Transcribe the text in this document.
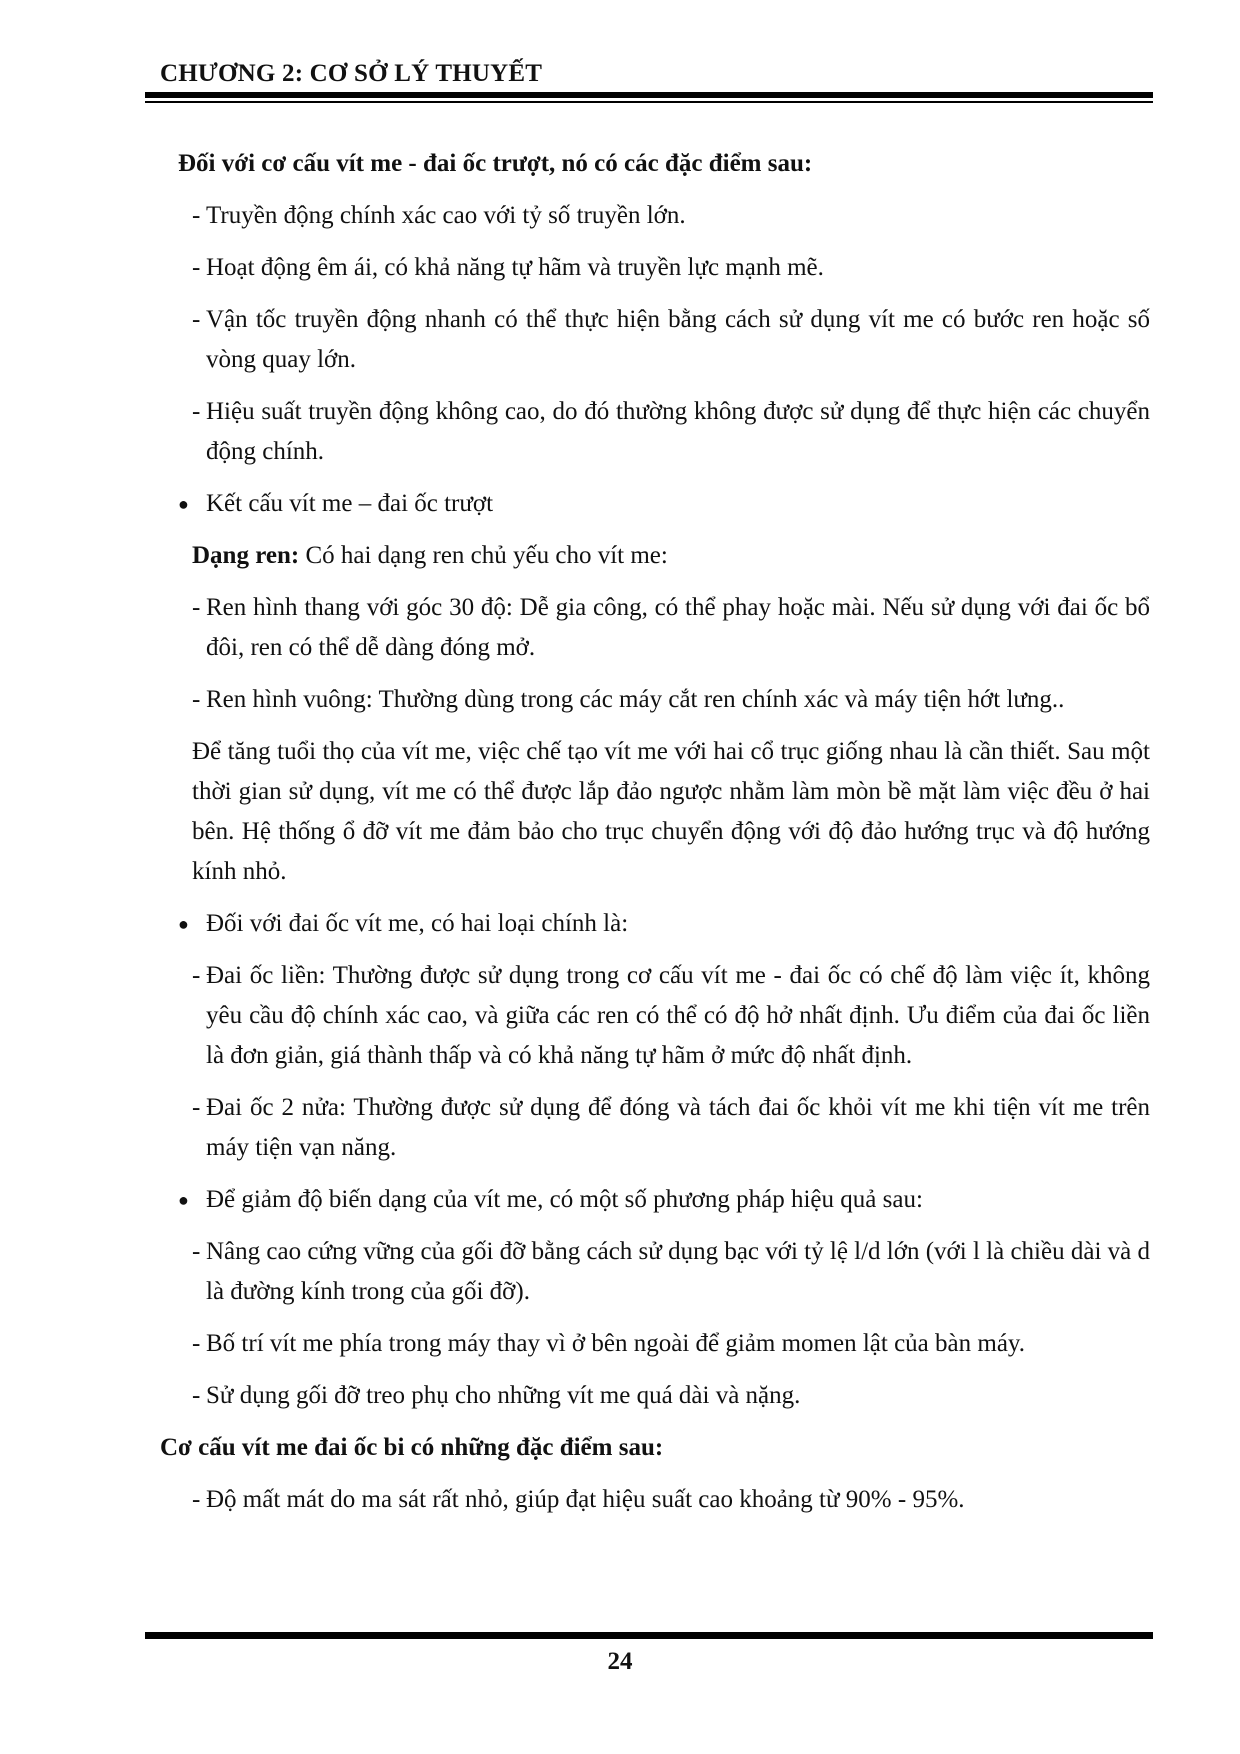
CHƯƠNG 2: CƠ SỞ LÝ THUYẾT
Đối với cơ cấu vít me - đai ốc trượt, nó có các đặc điểm sau:
- Truyền động chính xác cao với tỷ số truyền lớn.
- Hoạt động êm ái, có khả năng tự hãm và truyền lực mạnh mẽ.
- Vận tốc truyền động nhanh có thể thực hiện bằng cách sử dụng vít me có bước ren hoặc số vòng quay lớn.
- Hiệu suất truyền động không cao, do đó thường không được sử dụng để thực hiện các chuyển động chính.
● Kết cấu vít me – đai ốc trượt
Dạng ren: Có hai dạng ren chủ yếu cho vít me:
- Ren hình thang với góc 30 độ: Dễ gia công, có thể phay hoặc mài. Nếu sử dụng với đai ốc bổ đôi, ren có thể dễ dàng đóng mở.
- Ren hình vuông: Thường dùng trong các máy cắt ren chính xác và máy tiện hớt lưng..
Để tăng tuổi thọ của vít me, việc chế tạo vít me với hai cổ trục giống nhau là cần thiết. Sau một thời gian sử dụng, vít me có thể được lắp đảo ngược nhằm làm mòn bề mặt làm việc đều ở hai bên. Hệ thống ổ đỡ vít me đảm bảo cho trục chuyển động với độ đảo hướng trục và độ hướng kính nhỏ.
● Đối với đai ốc vít me, có hai loại chính là:
- Đai ốc liền: Thường được sử dụng trong cơ cấu vít me - đai ốc có chế độ làm việc ít, không yêu cầu độ chính xác cao, và giữa các ren có thể có độ hở nhất định. Ưu điểm của đai ốc liền là đơn giản, giá thành thấp và có khả năng tự hãm ở mức độ nhất định.
- Đai ốc 2 nửa: Thường được sử dụng để đóng và tách đai ốc khỏi vít me khi tiện vít me trên máy tiện vạn năng.
● Để giảm độ biến dạng của vít me, có một số phương pháp hiệu quả sau:
- Nâng cao cứng vững của gối đỡ bằng cách sử dụng bạc với tỷ lệ l/d lớn (với l là chiều dài và d là đường kính trong của gối đỡ).
- Bố trí vít me phía trong máy thay vì ở bên ngoài để giảm momen lật của bàn máy.
- Sử dụng gối đỡ treo phụ cho những vít me quá dài và nặng.
Cơ cấu vít me đai ốc bi có những đặc điểm sau:
- Độ mất mát do ma sát rất nhỏ, giúp đạt hiệu suất cao khoảng từ 90% - 95%.
24
